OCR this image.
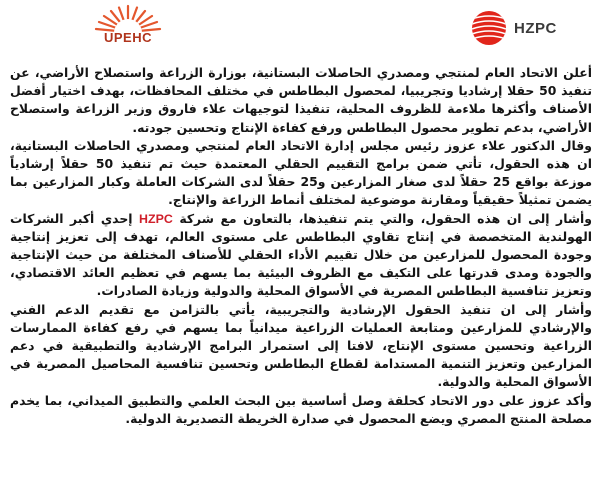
UPEHC
HZPC

أعلن الاتحاد العام لمنتجي ومصدري الحاصلات البستانية، بوزارة الزراعة واستصلاح الأراضي، عن تنفيذ 50 حقلا إرشاديا وتجريبيا، لمحصول البطاطس في مختلف المحافظات، بهدف اختيار أفضل الأصناف وأكثرها ملاءمة للظروف المحلية، تنفيذا لتوجيهات علاء فاروق وزير الزراعة واستصلاح الأراضي، بدعم تطوير محصول البطاطس ورفع كفاءة الإنتاج وتحسين جودته.

وقال الدكتور علاء عزوز رئيس مجلس إدارة الاتحاد العام لمنتجي ومصدري الحاصلات البستانية، ان هذه الحقول، تأتي ضمن برامج التقييم الحقلي المعتمدة حيث تم تنفيذ 50 حقلاً إرشادياً موزعة بواقع 25 حقلاً لدى صغار المزارعين و25 حقلاً لدى الشركات العاملة وكبار المزارعين بما يضمن تمثيلاً حقيقياً ومقارنة موضوعية لمختلف أنماط الزراعة والإنتاج.

وأشار إلى ان هذه الحقول، والتي يتم تنفيذها، بالتعاون مع شركة HZPC إحدي أكبر الشركات الهولندية المتخصصة في إنتاج تقاوي البطاطس على مستوى العالم، تهدف إلى تعزيز إنتاجية وجودة المحصول للمزارعين من خلال تقييم الأداء الحقلي للأصناف المختلفة من حيث الإنتاجية والجودة ومدى قدرتها على التكيف مع الظروف البيئية بما يسهم في تعظيم العائد الاقتصادي، وتعزيز تنافسية البطاطس المصرية في الأسواق المحلية والدولية وزيادة الصادرات.

وأشار إلى ان تنفيذ الحقول الإرشادية والتجريبية، يأتي بالتزامن مع تقديم الدعم الفني والإرشادي للمزارعين ومتابعة العمليات الزراعية ميدانياً بما يسهم في رفع كفاءة الممارسات الزراعية وتحسين مستوى الإنتاج، لافتا إلى استمرار البرامج الإرشادية والتطبيقية في دعم المزارعين وتعزيز التنمية المستدامة لقطاع البطاطس وتحسين تنافسية المحاصيل المصرية في الأسواق المحلية والدولية.

وأكد عزوز على دور الاتحاد كحلقة وصل أساسية بين البحث العلمي والتطبيق الميداني، بما يخدم مصلحة المنتج المصري ويضع المحصول في صدارة الخريطة التصديرية الدولية.
